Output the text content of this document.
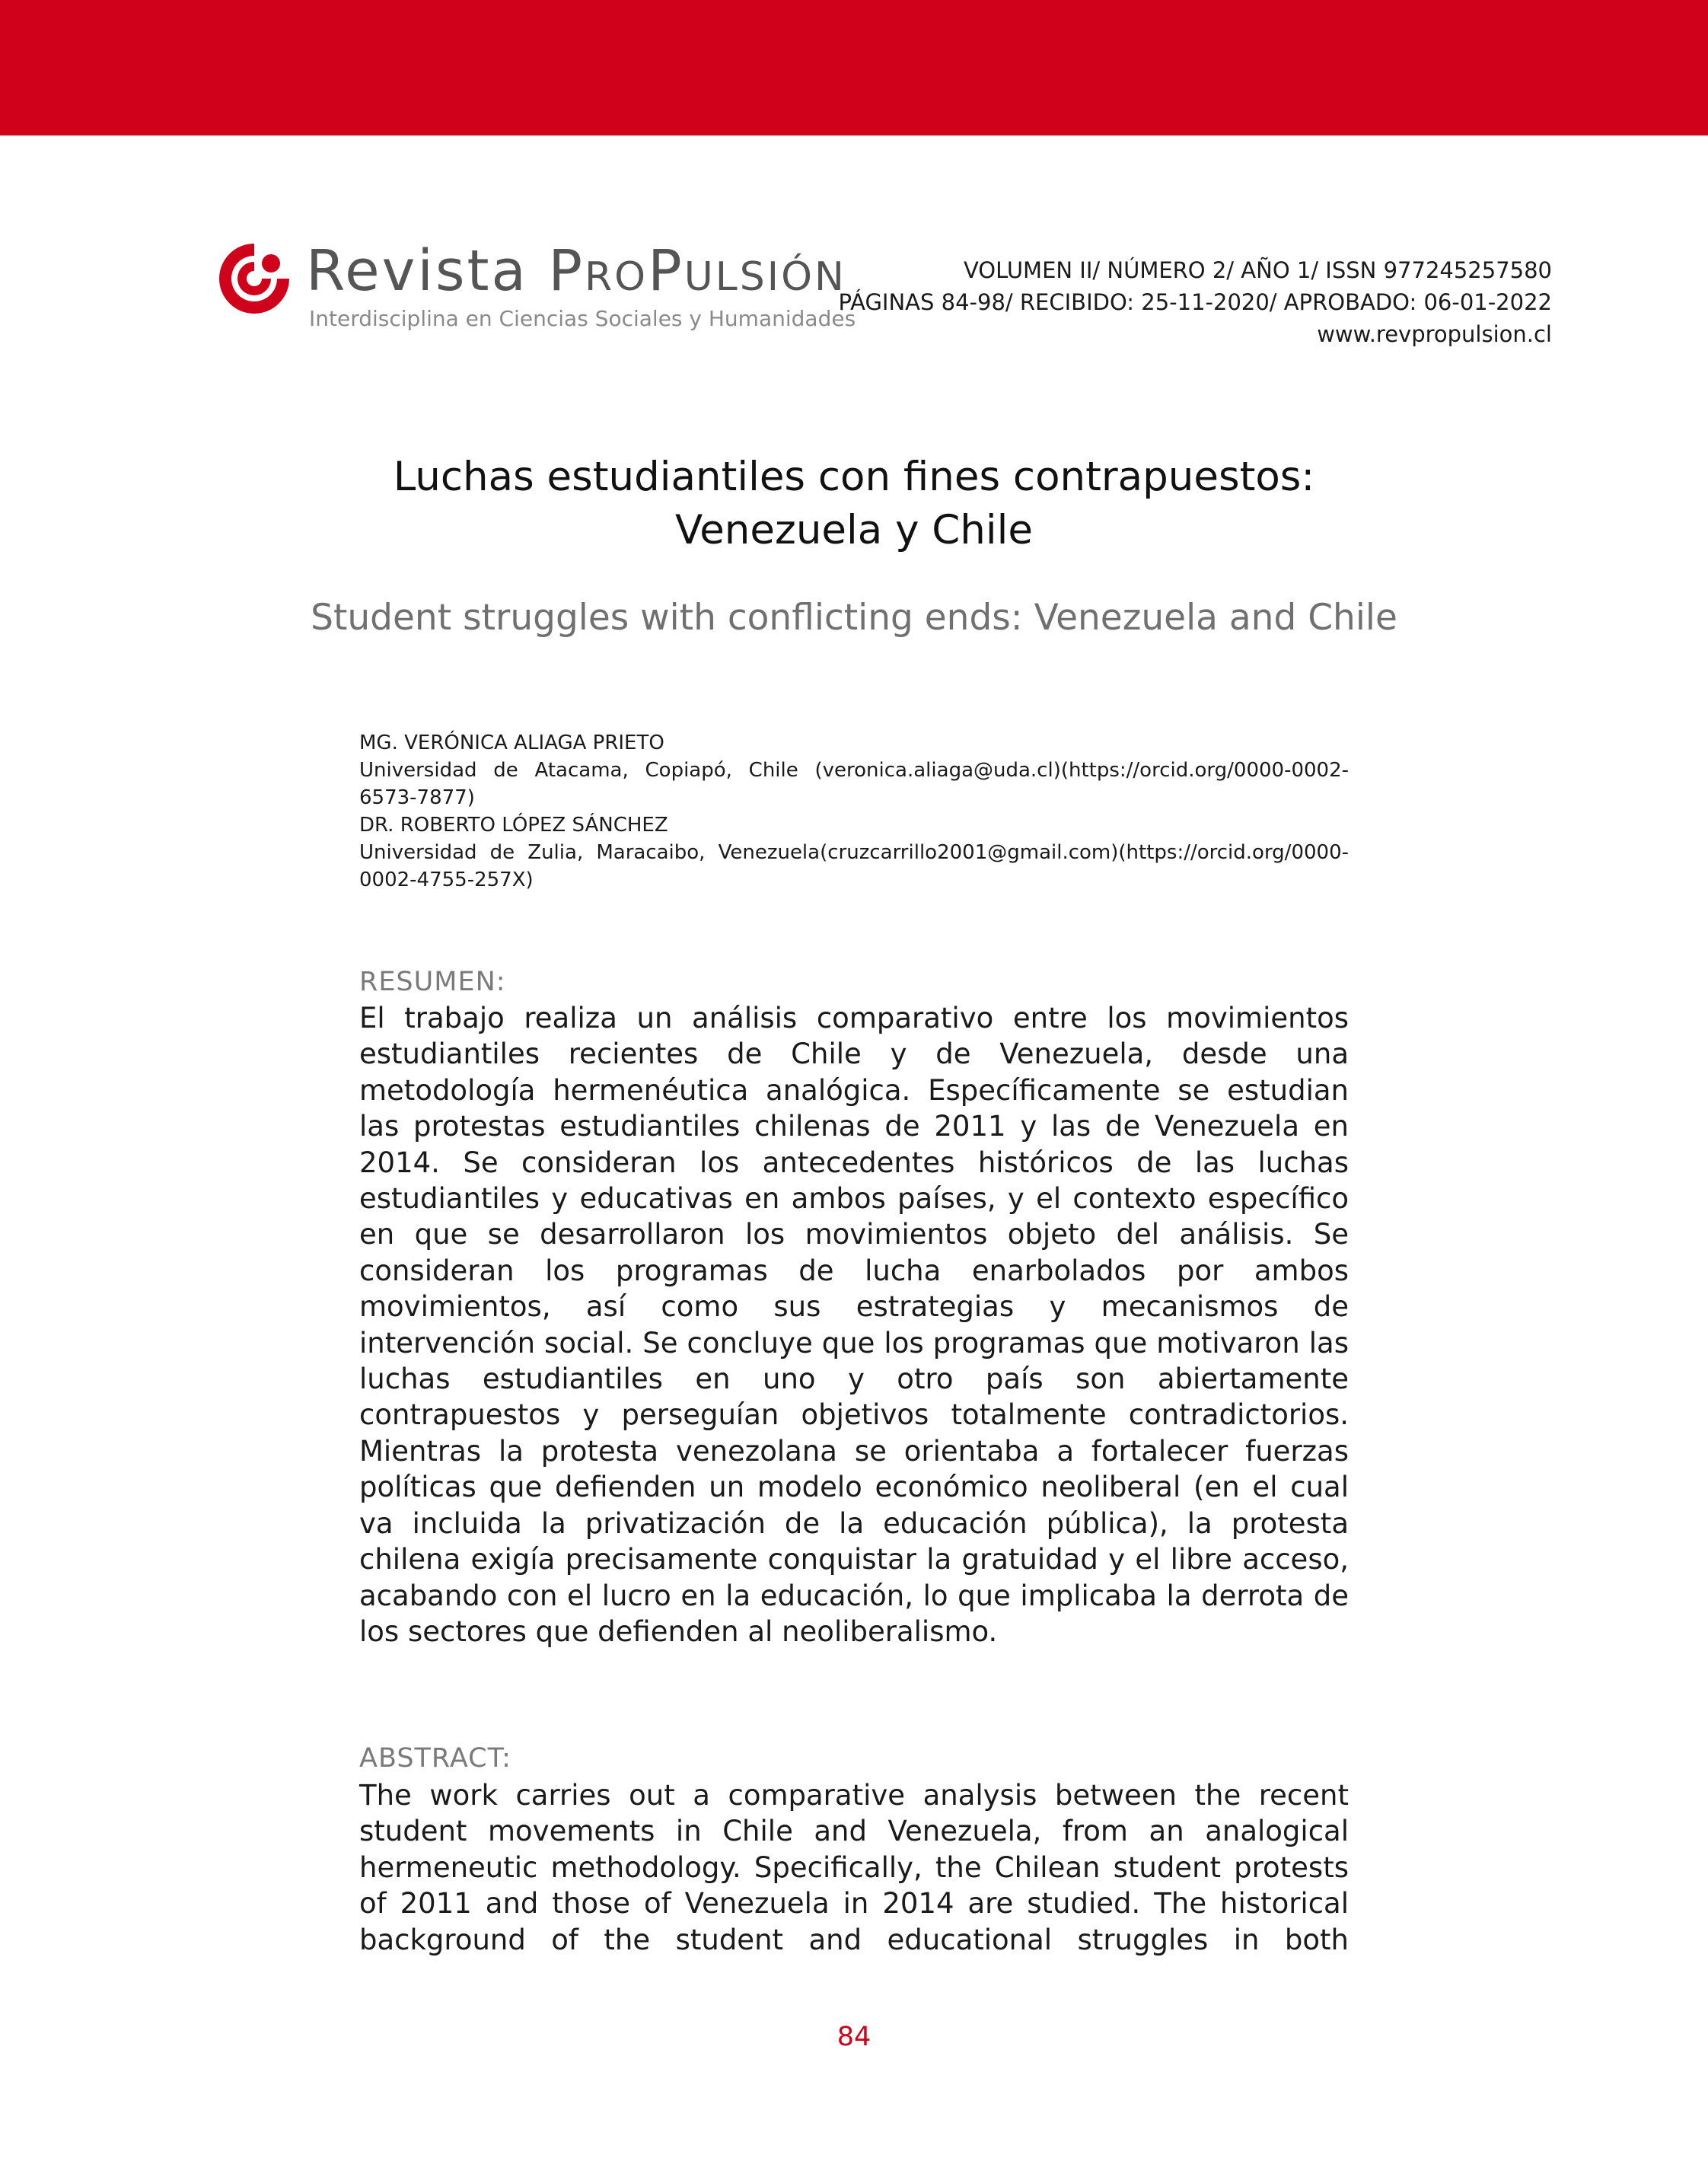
Revista ProPulsión
Interdisciplina en Ciencias Sociales y Humanidades
VOLUMEN II/ NÚMERO 2/ AÑO 1/ ISSN 977245257580
PÁGINAS 84-98/ RECIBIDO: 25-11-2020/ APROBADO: 06-01-2022
www.revpropulsion.cl
Luchas estudiantiles con fines contrapuestos:
Venezuela y Chile
Student struggles with conflicting ends: Venezuela and Chile
MG. VERÓNICA ALIAGA PRIETO
Universidad de Atacama, Copiapó, Chile (veronica.aliaga@uda.cl)(https://orcid.org/0000-0002-6573-7877)
DR. ROBERTO LÓPEZ SÁNCHEZ
Universidad de Zulia, Maracaibo, Venezuela(cruzcarrillo2001@gmail.com)(https://orcid.org/0000-0002-4755-257X)
RESUMEN:
El trabajo realiza un análisis comparativo entre los movimientos estudiantiles recientes de Chile y de Venezuela, desde una metodología hermenéutica analógica. Específicamente se estudian las protestas estudiantiles chilenas de 2011 y las de Venezuela en 2014. Se consideran los antecedentes históricos de las luchas estudiantiles y educativas en ambos países, y el contexto específico en que se desarrollaron los movimientos objeto del análisis. Se consideran los programas de lucha enarbolados por ambos movimientos, así como sus estrategias y mecanismos de intervención social. Se concluye que los programas que motivaron las luchas estudiantiles en uno y otro país son abiertamente contrapuestos y perseguían objetivos totalmente contradictorios. Mientras la protesta venezolana se orientaba a fortalecer fuerzas políticas que defienden un modelo económico neoliberal (en el cual va incluida la privatización de la educación pública), la protesta chilena exigía precisamente conquistar la gratuidad y el libre acceso, acabando con el lucro en la educación, lo que implicaba la derrota de los sectores que defienden al neoliberalismo.
ABSTRACT:
The work carries out a comparative analysis between the recent student movements in Chile and Venezuela, from an analogical hermeneutic methodology. Specifically, the Chilean student protests of 2011 and those of Venezuela in 2014 are studied. The historical background of the student and educational struggles in both
84
